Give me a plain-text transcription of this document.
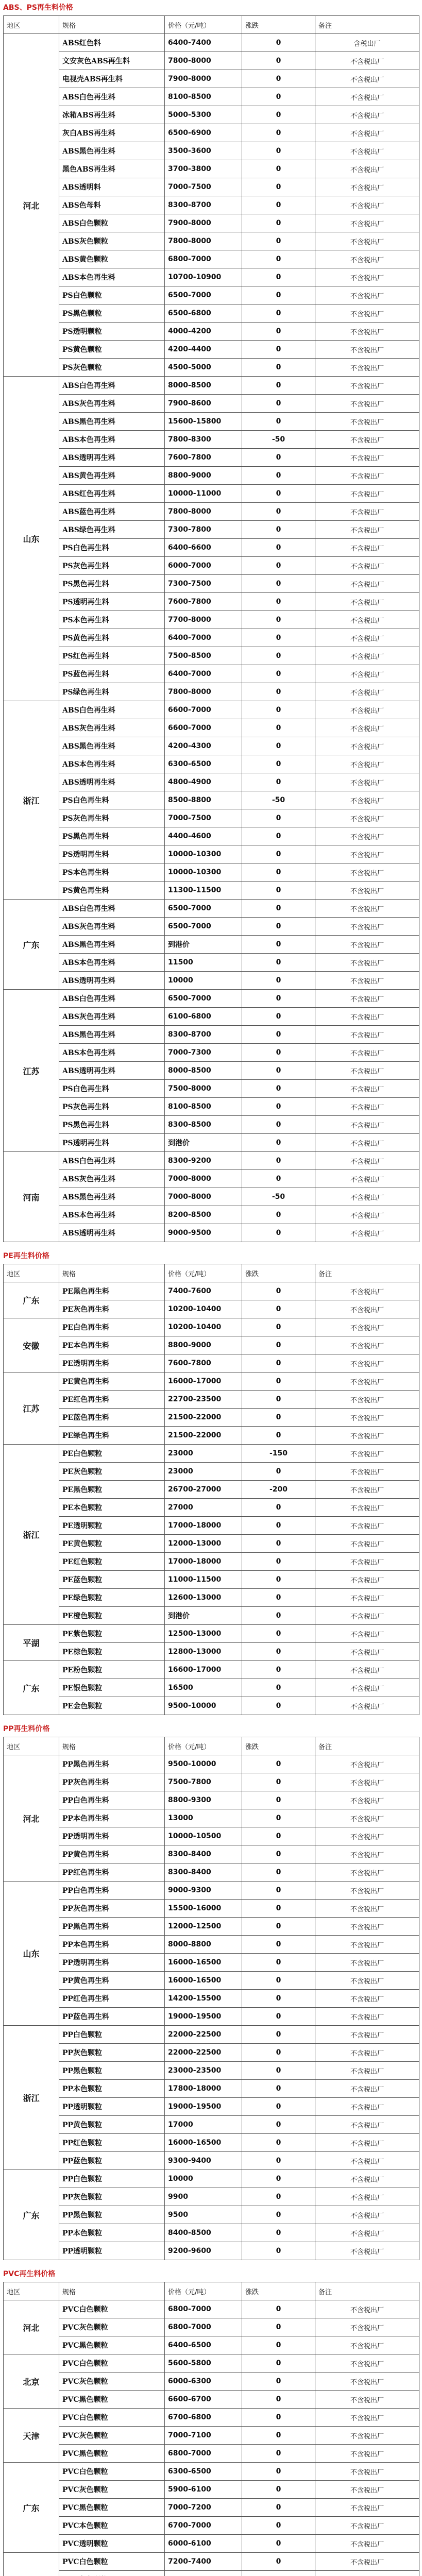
ABS、PS再生料价格
地区	规格	价格（元/吨）	涨跌	备注
河北	ABS红色料	6400-7400	0	含税出厂
	文安灰色ABS再生料	7800-8000	0	不含税出厂
	电视壳ABS再生料	7900-8000	0	不含税出厂
	ABS白色再生料	8100-8500	0	不含税出厂
	冰箱ABS再生料	5000-5300	0	不含税出厂
	灰白ABS再生料	6500-6900	0	不含税出厂
	ABS黑色再生料	3500-3600	0	不含税出厂
	黑色ABS再生料	3700-3800	0	不含税出厂
	ABS透明料	7000-7500	0	不含税出厂
	ABS色母料	8300-8700	0	不含税出厂
	ABS白色颗粒	7900-8000	0	不含税出厂
	ABS灰色颗粒	7800-8000	0	不含税出厂
	ABS黄色颗粒	6800-7000	0	不含税出厂
	ABS本色再生料	10700-10900	0	不含税出厂
	PS白色颗粒	6500-7000	0	不含税出厂
	PS黑色颗粒	6500-6800	0	不含税出厂
	PS透明颗粒	4000-4200	0	不含税出厂
	PS黄色颗粒	4200-4400	0	不含税出厂
	PS灰色颗粒	4500-5000	0	不含税出厂
山东	ABS白色再生料	8000-8500	0	不含税出厂
	ABS灰色再生料	7900-8600	0	不含税出厂
	ABS黑色再生料	15600-15800	0	不含税出厂
	ABS本色再生料	7800-8300	-50	不含税出厂
	ABS透明再生料	7600-7800	0	不含税出厂
	ABS黄色再生料	8800-9000	0	不含税出厂
	ABS红色再生料	10000-11000	0	不含税出厂
	ABS蓝色再生料	7800-8000	0	不含税出厂
	ABS绿色再生料	7300-7800	0	不含税出厂
	PS白色再生料	6400-6600	0	不含税出厂
	PS灰色再生料	6000-7000	0	不含税出厂
	PS黑色再生料	7300-7500	0	不含税出厂
	PS透明再生料	7600-7800	0	不含税出厂
	PS本色再生料	7700-8000	0	不含税出厂
	PS黄色再生料	6400-7000	0	不含税出厂
	PS红色再生料	7500-8500	0	不含税出厂
	PS蓝色再生料	6400-7000	0	不含税出厂
	PS绿色再生料	7800-8000	0	不含税出厂
浙江	ABS白色再生料	6600-7000	0	不含税出厂
	ABS灰色再生料	6600-7000	0	不含税出厂
	ABS黑色再生料	4200-4300	0	不含税出厂
	ABS本色再生料	6300-6500	0	不含税出厂
	ABS透明再生料	4800-4900	0	不含税出厂
	PS白色再生料	8500-8800	-50	不含税出厂
	PS灰色再生料	7000-7500	0	不含税出厂
	PS黑色再生料	4400-4600	0	不含税出厂
	PS透明再生料	10000-10300	0	不含税出厂
	PS本色再生料	10000-10300	0	不含税出厂
	PS黄色再生料	11300-11500	0	不含税出厂
广东	ABS白色再生料	6500-7000	0	不含税出厂
	ABS灰色再生料	6500-7000	0	不含税出厂
	ABS黑色再生料	到港价	0	不含税出厂
	ABS本色再生料	11500	0	不含税出厂
	ABS透明再生料	10000	0	不含税出厂
江苏	ABS白色再生料	6500-7000	0	不含税出厂
	ABS灰色再生料	6100-6800	0	不含税出厂
	ABS黑色再生料	8300-8700	0	不含税出厂
	ABS本色再生料	7000-7300	0	不含税出厂
	ABS透明再生料	8000-8500	0	不含税出厂
	PS白色再生料	7500-8000	0	不含税出厂
	PS灰色再生料	8100-8500	0	不含税出厂
	PS黑色再生料	8300-8500	0	不含税出厂
	PS透明再生料	到港价	0	不含税出厂
河南	ABS白色再生料	8300-9200	0	不含税出厂
	ABS灰色再生料	7000-8000	0	不含税出厂
	ABS黑色再生料	7000-8000	-50	不含税出厂
	ABS本色再生料	8200-8500	0	不含税出厂
	ABS透明再生料	9000-9500	0	不含税出厂
PE再生料价格
地区	规格	价格（元/吨）	涨跌	备注
广东	PE黑色再生料	7400-7600	0	不含税出厂
	PE灰色再生料	10200-10400	0	不含税出厂
安徽	PE白色再生料	10200-10400	0	不含税出厂
	PE本色再生料	8800-9000	0	不含税出厂
	PE透明再生料	7600-7800	0	不含税出厂
江苏	PE黄色再生料	16000-17000	0	不含税出厂
	PE红色再生料	22700-23500	0	不含税出厂
	PE蓝色再生料	21500-22000	0	不含税出厂
	PE绿色再生料	21500-22000	0	不含税出厂
浙江	PE白色颗粒	23000	-150	不含税出厂
	PE灰色颗粒	23000	0	不含税出厂
	PE黑色颗粒	26700-27000	-200	不含税出厂
	PE本色颗粒	27000	0	不含税出厂
	PE透明颗粒	17000-18000	0	不含税出厂
	PE黄色颗粒	12000-13000	0	不含税出厂
	PE红色颗粒	17000-18000	0	不含税出厂
	PE蓝色颗粒	11000-11500	0	不含税出厂
	PE绿色颗粒	12600-13000	0	不含税出厂
	PE橙色颗粒	到港价	0	不含税出厂
平湖	PE紫色颗粒	12500-13000	0	不含税出厂
	PE棕色颗粒	12800-13000	0	不含税出厂
广东	PE粉色颗粒	16600-17000	0	不含税出厂
	PE银色颗粒	16500	0	不含税出厂
	PE金色颗粒	9500-10000	0	不含税出厂
PP再生料价格
地区	规格	价格（元/吨）	涨跌	备注
河北	PP黑色再生料	9500-10000	0	不含税出厂
	PP灰色再生料	7500-7800	0	不含税出厂
	PP白色再生料	8800-9300	0	不含税出厂
	PP本色再生料	13000	0	不含税出厂
	PP透明再生料	10000-10500	0	不含税出厂
	PP黄色再生料	8300-8400	0	不含税出厂
	PP红色再生料	8300-8400	0	不含税出厂
山东	PP白色再生料	9000-9300	0	不含税出厂
	PP灰色再生料	15500-16000	0	不含税出厂
	PP黑色再生料	12000-12500	0	不含税出厂
	PP本色再生料	8000-8800	0	不含税出厂
	PP透明再生料	16000-16500	0	不含税出厂
	PP黄色再生料	16000-16500	0	不含税出厂
	PP红色再生料	14200-15500	0	不含税出厂
	PP蓝色再生料	19000-19500	0	不含税出厂
浙江	PP白色颗粒	22000-22500	0	不含税出厂
	PP灰色颗粒	22000-22500	0	不含税出厂
	PP黑色颗粒	23000-23500	0	不含税出厂
	PP本色颗粒	17800-18000	0	不含税出厂
	PP透明颗粒	19000-19500	0	不含税出厂
	PP黄色颗粒	17000	0	不含税出厂
	PP红色颗粒	16000-16500	0	不含税出厂
	PP蓝色颗粒	9300-9400	0	不含税出厂
广东	PP白色颗粒	10000	0	不含税出厂
	PP灰色颗粒	9900	0	不含税出厂
	PP黑色颗粒	9500	0	不含税出厂
	PP本色颗粒	8400-8500	0	不含税出厂
	PP透明颗粒	9200-9600	0	不含税出厂
PVC再生料价格
地区	规格	价格（元/吨）	涨跌	备注
河北	PVC白色颗粒	6800-7000	0	不含税出厂
	PVC灰色颗粒	6800-7000	0	不含税出厂
	PVC黑色颗粒	6400-6500	0	不含税出厂
北京	PVC白色颗粒	5600-5800	0	不含税出厂
	PVC灰色颗粒	6000-6300	0	不含税出厂
	PVC黑色颗粒	6600-6700	0	不含税出厂
天津	PVC白色颗粒	6700-6800	0	不含税出厂
	PVC灰色颗粒	7000-7100	0	不含税出厂
	PVC黑色颗粒	6800-7000	0	不含税出厂
广东	PVC白色颗粒	6300-6500	0	不含税出厂
	PVC灰色颗粒	5900-6100	0	不含税出厂
	PVC黑色颗粒	7000-7200	0	不含税出厂
	PVC本色颗粒	6700-7000	0	不含税出厂
	PVC透明颗粒	6000-6100	0	不含税出厂
	PVC白色颗粒	7200-7400	0	不含税出厂
